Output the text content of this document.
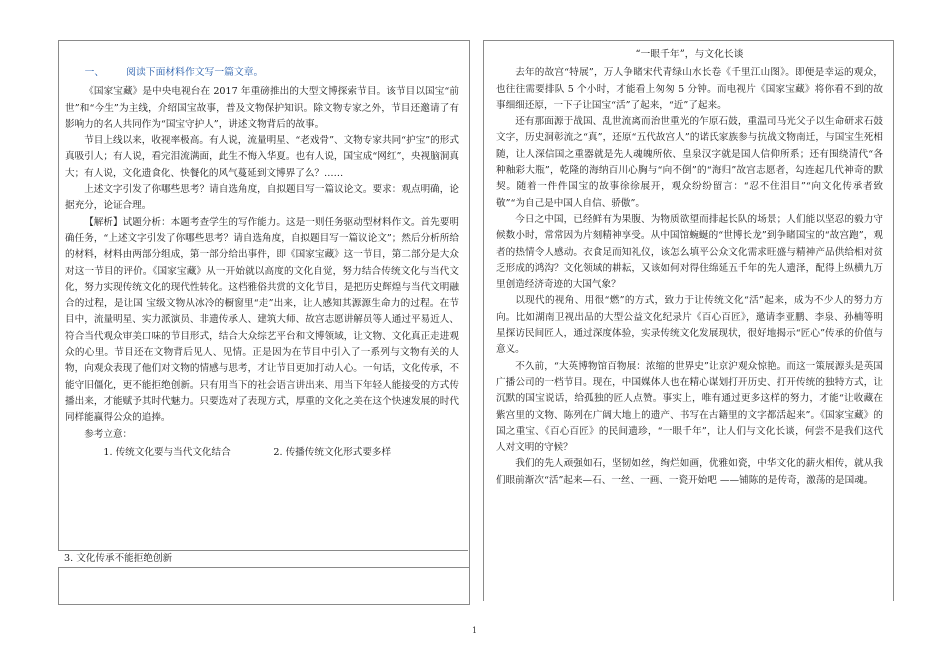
一、 阅读下面材料作文写一篇文章。

《国家宝藏》是中央电视台在 2017 年重磅推出的大型文博探索节目。该节目以国宝“前世”和“今生”为主线，介绍国宝故事，普及文物保护知识。除文物专家之外，节目还邀请了有影响力的名人共同作为“国宝守护人”，讲述文物背后的故事。

节目上线以来，收视率极高。有人说，流量明星、“老戏骨”、文物专家共同“护宝”的形式真吸引人；有人说，看完泪流满面，此生不悔入华夏。也有人说，国宝成“网红”，央视脑洞真大；有人说，文化遗食化、快餐化的风气蔓延到文博界了么？……

上述文字引发了你哪些思考？请自选角度，自拟题目写一篇议论文。要求：观点明确，论据充分，论证合理。

【解析】试题分析：本题考查学生的写作能力。这是一则任务驱动型材料作文。首先要明确任务，“上述文字引发了你哪些思考？请自选角度，自拟题目写一篇议论文”；然后分析所给的材料，材料由两部分组成，第一部分给出事件，即《国家宝藏》这一节目，第二部分是大众对这一节目的评价。《国家宝藏》从一开始就以高度的文化自觉，努力结合传统文化与当代文化，努力实现传统文化的现代性转化。这档雅俗共赏的文化节目，是把历史辉煌与当代文明融合的过程，是让国 宝级文物从冰冷的橱窗里“走”出来，让人感知其源源生命力的过程。在节目中，流量明星、实力派演员、非遗传承人、建筑大师、故宫志愿讲解员等人通过平易近人、符合当代观众审美口味的节目形式，结合大众综艺平台和文博领域，让文物、文化真正走进观众的心里。节目还在文物背后见人、见情。正是因为在节目中引入了一系列与文物有关的人物，向观众表现了他们对文物的情感与思考，才让节目更加打动人心。一句话，文化传承，不能守旧僵化，更不能拒绝创新。只有用当下的社会语言讲出来、用当下年轻人能接受的方式传播出来，才能赋予其时代魅力。只要选对了表现方式，厚重的文化之美在这个快速发展的时代同样能赢得公众的追捧。

参考立意：

1. 传统文化要与当代文化结合	2. 传播传统文化形式要多样
3. 文化传承不能拒绝创新

“一眼千年”，与文化长谈

去年的故宫“特展”，万人争睹宋代青绿山水长卷《千里江山图》。即便是幸运的观众，也往往需要排队 5 个小时，才能看上匆匆 5 分钟。而电视片《国家宝藏》将你看不到的故事细细还原，一下子让国宝“活”了起来，“近”了起来。

还有那面源于战国、乱世流离而治世重光的乍原石鼓，重温司马光父子以生命研求石鼓文字，历史洞彰流之“真”，还原“五代故宫人”的诺氏家族参与抗战文物南迁，与国宝生死相随，让人深信国之重器就是先人魂魄所依、皇泉汉字就是国人信仰所系；还有围绕清代“各种釉彩大瓶”，乾隆的海纳百川心胸与“向不倒”的“海归”故宫志愿者，勾连起几代神奇的默契。随着一件件国宝的故事徐徐展开，观众纷纷留言：“忍不住泪目”“向文化传承者致敬”“为自己是中国人自信、骄傲”。

今日之中国，已经鲜有为果腹、为物质欲望而排起长队的场景；人们能以坚忍的毅力守候数小时，常常因为片刻精神享受。从中国馆蜿蜒的“世博长龙”到争睹国宝的“故宫跑”，观者的热情令人感动。衣食足而知礼仪，该怎么填平公众文化需求旺盛与精神产品供给相对贫乏形成的鸿沟？文化领域的耕耘，又该如何对得住绵延五千年的先人遗泽，配得上纵横九万里创造经济奇迹的大国气象？

以现代的视角、用很“燃”的方式，致力于让传统文化“活”起来，成为不少人的努力方向。比如湖南卫视出品的大型公益文化纪录片《百心百匠》，邀请李亚鹏、李泉、孙楠等明星探访民间匠人，通过深度体验，实录传统文化发展现状，很好地揭示“匠心”传承的价值与意义。

不久前，“大英博物馆百物展：浓缩的世界史”让京沪观众惊艳。而这一策展源头是英国广播公司的一档节目。现在，中国媒体人也在精心谋划打开历史、打开传统的独特方式，让沉默的国宝说话，给孤独的匠人点赞。事实上，唯有通过更多这样的努力，才能“让收藏在紫宫里的文物、陈列在广阔大地上的遗产、书写在古籍里的文字都活起来”。《国家宝藏》的国之重宝、《百心百匠》的民间遗珍，“一眼千年”，让人们与文化长谈，何尝不是我们这代人对文明的守候？

我们的先人顽强如石，坚韧如丝，绚烂如画，优雅如瓷，中华文化的薪火相传，就从我们眼前渐次“活”起来—石、一丝、一画、一瓷开始吧 ——铺陈的是传奇，激荡的是国魂。

1
